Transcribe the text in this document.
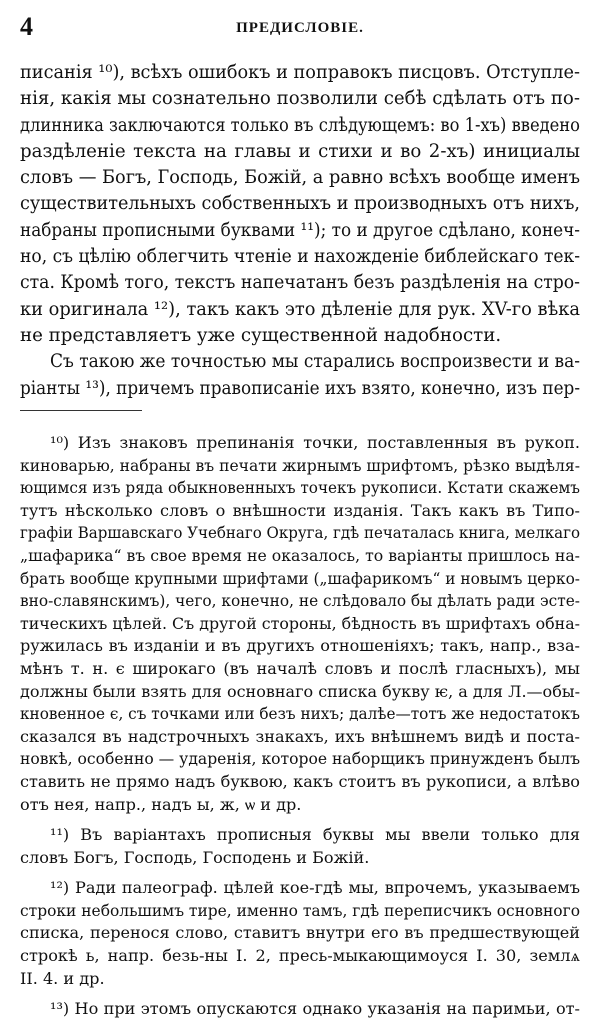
4	ПРЕДИСЛОВІЕ.
писанія ¹⁰), всѣхъ ошибокъ и поправокъ писцовъ. Отступле-
нія, какія мы сознательно позволили себѣ сдѣлать отъ по-
длинника заключаются только въ слѣдующемъ: во 1-хъ) введено
раздѣленіе текста на главы и стихи и во 2-хъ) инициалы
словъ — Богъ, Господь, Божій, а равно всѣхъ вообще именъ
существительныхъ собственныхъ и производныхъ отъ нихъ,
набраны прописными буквами ¹¹); то и другое сдѣлано, конеч-
но, съ цѣлію облегчить чтеніе и нахожденіе библейскаго тек-
ста. Кромѣ того, текстъ напечатанъ безъ раздѣленія на стро-
ки оригинала ¹²), такъ какъ это дѣленіе для рук. XV-го вѣка
не представляетъ уже существенной надобности.
Съ такою же точностью мы старались воспроизвести и ва-
ріанты ¹³), причемъ правописаніе ихъ взято, конечно, изъ пер-
¹⁰) Изъ знаковъ препинанія точки, поставленныя въ рукоп.
киноварью, набраны въ печати жирнымъ шрифтомъ, рѣзко выдѣля-
ющимся изъ ряда обыкновенныхъ точекъ рукописи. Кстати скажемъ
тутъ нѣсколько словъ о внѣшности изданія. Такъ какъ въ Типо-
графіи Варшавскаго Учебнаго Округа, гдѣ печаталась книга, мелкаго
„шафарика“ въ свое время не оказалось, то варіанты пришлось на-
брать вообще крупными шрифтами („шафарикомъ“ и новымъ церко-
вно-славянскимъ), чего, конечно, не слѣдовало бы дѣлать ради эсте-
тическихъ цѣлей. Съ другой стороны, бѣдность въ шрифтахъ обна-
ружилась въ изданіи и въ другихъ отношеніяхъ; такъ, напр., вза-
мѣнъ т. н. є широкаго (въ началѣ словъ и послѣ гласныхъ), мы
должны были взять для основнаго списка букву ѥ, а для Л.—обы-
кновенное є, съ точками или безъ нихъ; далѣе—тотъ же недостатокъ
сказался въ надстрочныхъ знакахъ, ихъ внѣшнемъ видѣ и поста-
новкѣ, особенно — ударенія, которое наборщикъ принужденъ былъ
ставить не прямо надъ буквою, какъ стоитъ въ рукописи, а влѣво
отъ нея, напр., надъ ы, ж, ѡ и др.
¹¹) Въ варіантахъ прописныя буквы мы ввели только для
словъ Богъ, Господь, Господень и Божій.
¹²) Ради палеограф. цѣлей кое-гдѣ мы, впрочемъ, указываемъ
строки небольшимъ тире, именно тамъ, гдѣ переписчикъ основного
списка, перенося слово, ставитъ внутри его въ предшествующей
строкѣ ь, напр. безь-ны I. 2, пресь-мыкающимоуся I. 30, землѧ
II. 4. и др.
¹³) Но при этомъ опускаются однако указанія на паримьи, от-
